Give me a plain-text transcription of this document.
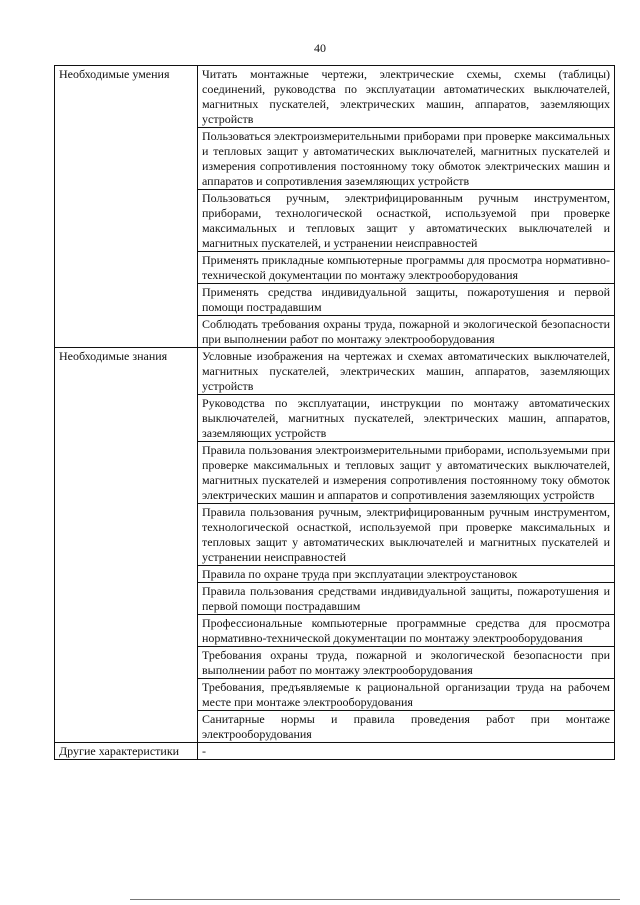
40
Необходимые умения	Читать монтажные чертежи, электрические схемы, схемы (таблицы) соединений, руководства по эксплуатации автоматических выключателей, магнитных пускателей, электрических машин, аппаратов, заземляющих устройств
	Пользоваться электроизмерительными приборами при проверке максимальных и тепловых защит у автоматических выключателей, магнитных пускателей и измерения сопротивления постоянному току обмоток электрических машин и аппаратов и сопротивления заземляющих устройств
	Пользоваться ручным, электрифицированным ручным инструментом, приборами, технологической оснасткой, используемой при проверке максимальных и тепловых защит у автоматических выключателей и магнитных пускателей, и устранении неисправностей
	Применять прикладные компьютерные программы для просмотра нормативно-технической документации по монтажу электрооборудования
	Применять средства индивидуальной защиты, пожаротушения и первой помощи пострадавшим
	Соблюдать требования охраны труда, пожарной и экологической безопасности при выполнении работ по монтажу электрооборудования
Необходимые знания	Условные изображения на чертежах и схемах автоматических выключателей, магнитных пускателей, электрических машин, аппаратов, заземляющих устройств
	Руководства по эксплуатации, инструкции по монтажу автоматических выключателей, магнитных пускателей, электрических машин, аппаратов, заземляющих устройств
	Правила пользования электроизмерительными приборами, используемыми при проверке максимальных и тепловых защит у автоматических выключателей, магнитных пускателей и измерения сопротивления постоянному току обмоток электрических машин и аппаратов и сопротивления заземляющих устройств
	Правила пользования ручным, электрифицированным ручным инструментом, технологической оснасткой, используемой при проверке максимальных и тепловых защит у автоматических выключателей и магнитных пускателей и устранении неисправностей
	Правила по охране труда при эксплуатации электроустановок
	Правила пользования средствами индивидуальной защиты, пожаротушения и первой помощи пострадавшим
	Профессиональные компьютерные программные средства для просмотра нормативно-технической документации по монтажу электрооборудования
	Требования охраны труда, пожарной и экологической безопасности при выполнении работ по монтажу электрооборудования
	Требования, предъявляемые к рациональной организации труда на рабочем месте при монтаже электрооборудования
	Санитарные нормы и правила проведения работ при монтаже электрооборудования
Другие характеристики	-
